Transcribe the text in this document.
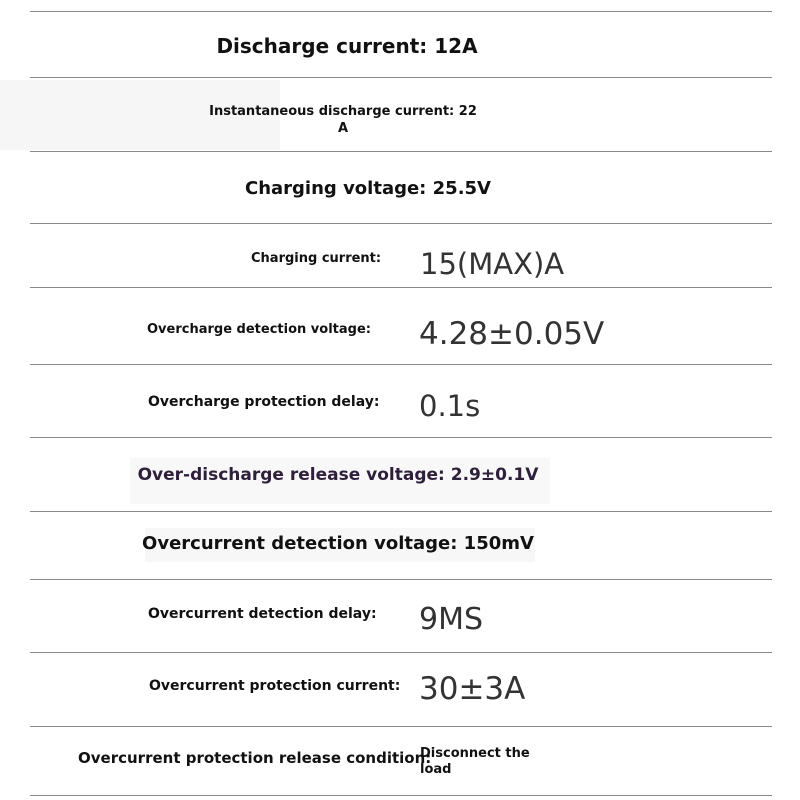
Discharge current: 12A
Instantaneous discharge current: 22
A
Charging voltage: 25.5V
Charging current: 15(MAX)A
Overcharge detection voltage: 4.28±0.05V
Overcharge protection delay: 0.1s
Over-discharge release voltage: 2.9±0.1V
Overcurrent detection voltage: 150mV
Overcurrent detection delay: 9MS
Overcurrent protection current: 30±3A
Overcurrent protection release condition:
Disconnect the
load
